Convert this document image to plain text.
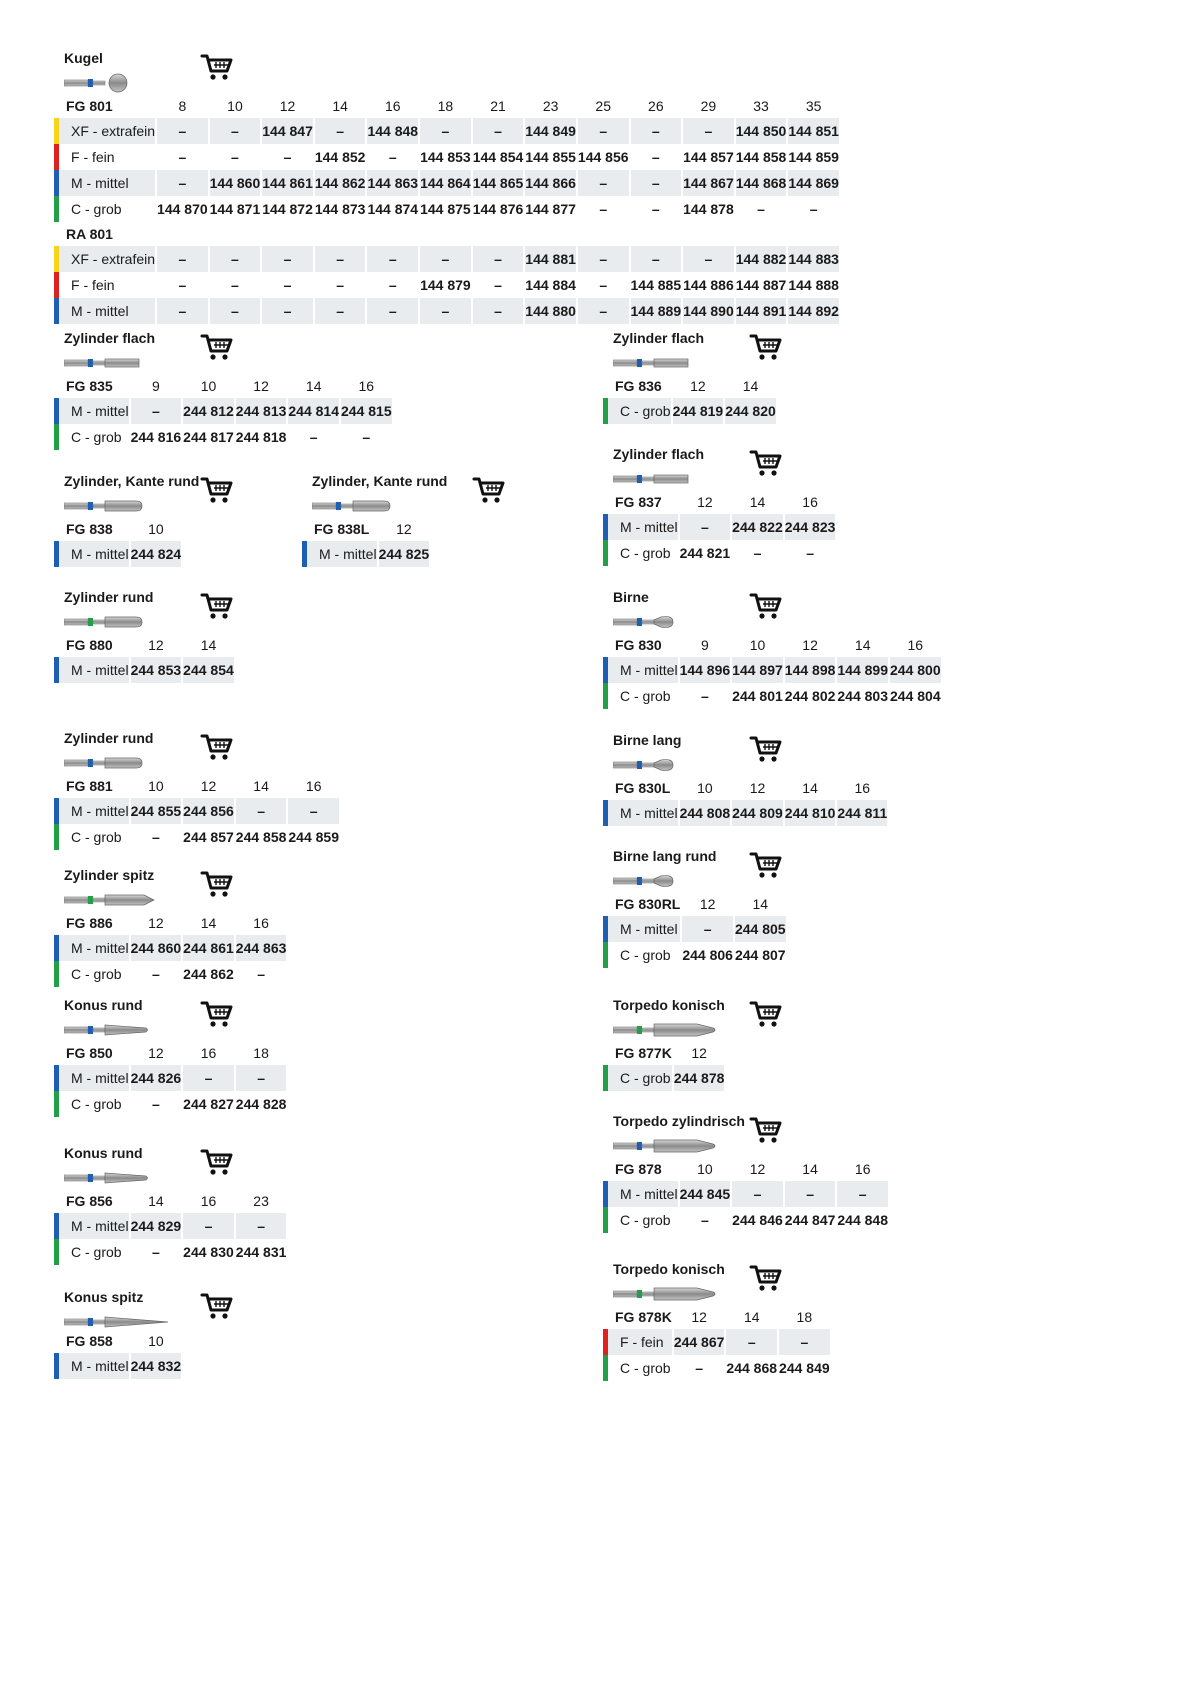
Kugel
FG 801	8	10	12	14	16	18	21	23	25	26	29	33	35
XF - extrafein	–	–	144 847	–	144 848	–	–	144 849	–	–	–	144 850	144 851
F - fein	–	–	–	144 852	–	144 853	144 854	144 855	144 856	–	144 857	144 858	144 859
M - mittel	–	144 860	144 861	144 862	144 863	144 864	144 865	144 866	–	–	144 867	144 868	144 869
C - grob	144 870	144 871	144 872	144 873	144 874	144 875	144 876	144 877	–	–	144 878	–	–
RA 801													
XF - extrafein	–	–	–	–	–	–	–	144 881	–	–	–	144 882	144 883
F - fein	–	–	–	–	–	144 879	–	144 884	–	144 885	144 886	144 887	144 888
M - mittel	–	–	–	–	–	–	–	144 880	–	144 889	144 890	144 891	144 892
Zylinder flach
FG 835	9	10	12	14	16
M - mittel	–	244 812	244 813	244 814	244 815
C - grob	244 816	244 817	244 818	–	–
Zylinder flach
FG 836	12	14
C - grob	244 819	244 820
Zylinder flach
FG 837	12	14	16
M - mittel	–	244 822	244 823
C - grob	244 821	–	–
Zylinder, Kante rund
FG 838	10
M - mittel	244 824
Zylinder, Kante rund
FG 838L	12
M - mittel	244 825
Zylinder rund
FG 880	12	14
M - mittel	244 853	244 854
Birne
FG 830	9	10	12	14	16
M - mittel	144 896	144 897	144 898	144 899	244 800
C - grob	–	244 801	244 802	244 803	244 804
Zylinder rund
FG 881	10	12	14	16
M - mittel	244 855	244 856	–	–
C - grob	–	244 857	244 858	244 859
Birne lang
FG 830L	10	12	14	16
M - mittel	244 808	244 809	244 810	244 811
Birne lang rund
FG 830RL	12	14
M - mittel	–	244 805
C - grob	244 806	244 807
Zylinder spitz
FG 886	12	14	16
M - mittel	244 860	244 861	244 863
C - grob	–	244 862	–
Konus rund
FG 850	12	16	18
M - mittel	244 826	–	–
C - grob	–	244 827	244 828
Torpedo konisch
FG 877K	12
C - grob	244 878
Konus rund
FG 856	14	16	23
M - mittel	244 829	–	–
C - grob	–	244 830	244 831
Torpedo zylindrisch
FG 878	10	12	14	16
M - mittel	244 845	–	–	–
C - grob	–	244 846	244 847	244 848
Konus spitz
FG 858	10
M - mittel	244 832
Torpedo konisch
FG 878K	12	14	18
F - fein	244 867	–	–
C - grob	–	244 868	244 849
